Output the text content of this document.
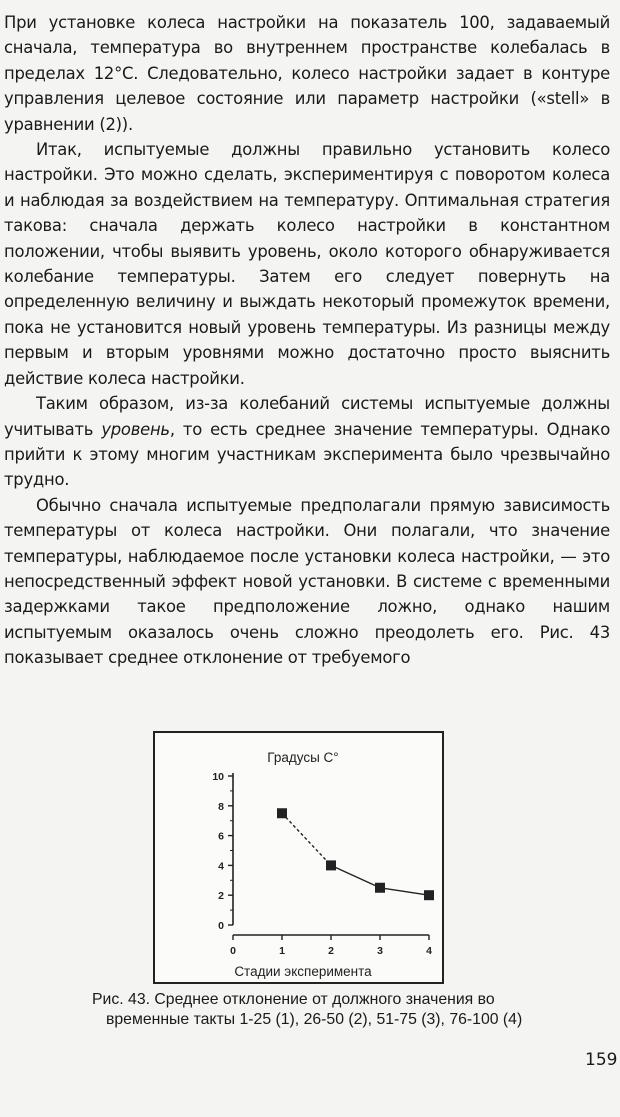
При установке колеса настройки на показатель 100, задаваемый сначала, температура во внутреннем пространстве колебалась в пределах 12°C. Следовательно, колесо настройки задает в контуре управления целевое состояние или параметр настройки («stell» в уравнении (2)).

Итак, испытуемые должны правильно установить колесо настройки. Это можно сделать, экспериментируя с поворотом колеса и наблюдая за воздействием на температуру. Оптимальная стратегия такова: сначала держать колесо настройки в константном положении, чтобы выявить уровень, около которого обнаруживается колебание температуры. Затем его следует повернуть на определенную величину и выждать некоторый промежуток времени, пока не установится новый уровень температуры. Из разницы между первым и вторым уровнями можно достаточно просто выяснить действие колеса настройки.

Таким образом, из-за колебаний системы испытуемые должны учитывать уровень, то есть среднее значение температуры. Однако прийти к этому многим участникам эксперимента было чрезвычайно трудно.

Обычно сначала испытуемые предполагали прямую зависимость температуры от колеса настройки. Они полагали, что значение температуры, наблюдаемое после установки колеса настройки, — это непосредственный эффект новой установки. В системе с временными задержками такое предположение ложно, однако нашим испытуемым оказалось очень сложно преодолеть его. Рис. 43 показывает среднее отклонение от требуемого

Градусы С°
0
2
4
6
8
10
0	1	2	3	4
Стадии эксперимента
Рис. 43. Среднее отклонение от должного значения во
временные такты 1-25 (1), 26-50 (2), 51-75 (3), 76-100 (4)
159
